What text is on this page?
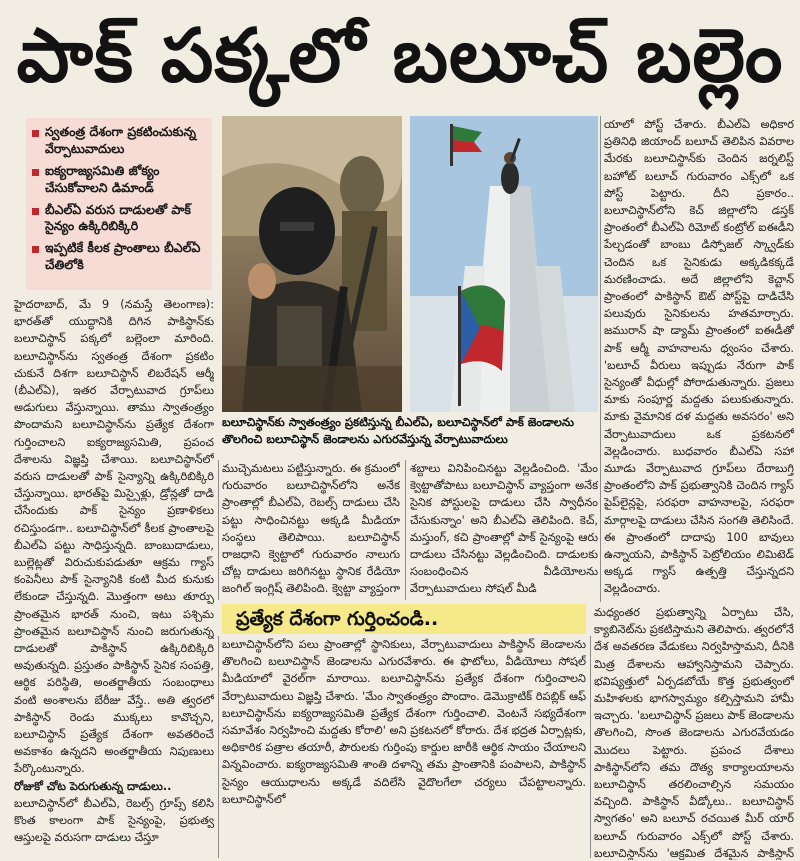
పాక్ పక్కలో బలూచ్ బల్లెం
స్వతంత్ర దేశంగా ప్రకటించుకున్న వేర్పాటువాదులు
ఐక్యరాజ్యసమితి జోక్యం చేసుకోవాలని డిమాండ్
బీఎల్ఏ వరుస దాడులతో పాక్ సైన్యం ఉక్కిరిబిక్కిరి
ఇప్పటికే కీలక ప్రాంతాలు బీఎల్ఏ చేతిలోకి
బలూచిస్థాన్‌కు స్వాతంత్ర్యం ప్రకటిస్తున్న బీఎల్ఏ, బలూచిస్థాన్‌లో పాక్ జెండాలను తొలగించి బలూచిస్థాన్ జెండాలను ఎగురవేస్తున్న వేర్పాటువాదులు

హైదరాబాద్, మే 9 (నమస్తే తెలంగాణ): భారత్‌తో యుద్ధానికి దిగిన పాకిస్థాన్‌కు బలూచిస్థాన్ పక్కలో బల్లెంలా మారింది. బలూచిస్థాన్‌ను స్వతంత్ర దేశంగా ప్రకటిం చుకునే దిశగా బలూచిస్థాన్ లిబరేషన్ ఆర్మీ (బీఎల్ఏ), ఇతర వేర్పాటువాద గ్రూప్‌లు అడుగులు వేస్తున్నాయి. తాము స్వాతంత్ర్యం పొందామని బలూచిస్థాన్‌ను ప్రత్యేక దేశంగా గుర్తించాలని ఐక్యరాజ్యసమితి, ప్రపంచ దేశాలను విజ్ఞప్తి చేశాయి. బలూచిస్థాన్‌లో వరుస దాడులతో పాక్ సైన్యాన్ని ఉక్కిరిబిక్కిరి చేస్తున్నాయి. భారత్‌పై మిస్సైళ్లు, డ్రోన్లతో దాడి చేసేందుకు పాక్ సైన్యం ప్రణాళికలు రచిస్తుండగా.. బలూచిస్థాన్‌లో కీలక ప్రాంతాలపై బీఎల్ఏ పట్టు సాధిస్తున్నది. బాంబుదాడులు, బుల్లెట్లతో విరుచుకుపడుతూ ఆక్రమ గ్యాస్ కంపెనీలు పాక్ సైన్యానికి కంటి మీద కునుకు లేకుండా చేస్తున్నది. మొత్తంగా అటు తూర్పు ప్రాంతమైన భారత్ నుంచి, ఇటు పశ్చిమ ప్రాంతమైన బలూచిస్థాన్ నుంచి జరుగుతున్న దాడులతో పాకిస్థాన్ ఉక్కిరిబిక్కిరి అవుతున్నది. ప్రస్తుతం పాకిస్థాన్ సైనిక సంపత్తి, ఆర్థిక పరిస్థితి, అంతర్జాతీయ సంబంధాలు వంటి అంశాలను బేరీజు వేస్తే.. అతి త్వరలో పాకిస్థాన్ రెండు ముక్కలు కావొచ్చని, బలూచిస్థాన్ ప్రత్యేక దేశంగా అవతరించే అవకాశం ఉన్నదని అంతర్జాతీయ నిపుణులు పేర్కొంటున్నారు.

రోజుకో చోట పెరుగుతున్న దాడులు..

బలూచిస్థాన్‌లో బీఎల్ఏ, రెబల్స్ గ్రూప్స్ కలిసి కొంత కాలంగా పాక్ సైన్యంపై, ప్రభుత్వ ఆస్తులపై వరుసగా దాడులు చేస్తూ

ముచ్చెమటలు పట్టిస్తున్నారు. ఈ క్రమంలో గురువారం బలూచిస్థాన్‌లోని అనేక ప్రాంతాల్లో బీఎల్ఏ, రెబల్స్ దాడులు చేసి పట్టు సాధించినట్టు అక్కడి మీడియా సంస్థలు తెలిపాయి. బలూచిస్థాన్ రాజధాని క్వెట్టాలో గురువారం నాలుగు చోట్ల దాడులు జరిగినట్టు స్థానిక రేడియో జంగిల్ ఇంగ్లిష్ తెలిపింది. క్వెట్టా వ్యాప్తంగా
శబ్దాలు వినిపించినట్టు వెల్లడించింది. 'మేం క్వెట్టాతోపాటు బలూచిస్థాన్ వ్యాప్తంగా అనేక సైనిక పోస్టులపై దాడులు చేసి స్వాధీనం చేసుకున్నాం' అని బీఎల్ఏ తెలిపింది. కెచ్, మస్తుంగ్, కచి ప్రాంతాల్లో పాక్ సైన్యంపై ఆరు దాడులు చేసినట్టు వెల్లడించింది. దాడులకు సంబంధించిన వీడియోలను వేర్పాటువాదులు సోషల్ మీడి
యాలో పోస్ట్ చేశారు. బీఎల్ఏ అధికార ప్రతినిధి జియాంద్ బలూచ్ తెలిపిన వివరాల మేరకు బలూచిస్థాన్‌కు చెందిన జర్నలిస్ట్ బహోట్ బలూచ్ గురువారం ఎక్స్‌లో ఒక పోస్ట్ పెట్టారు. దీని ప్రకారం.. బలూచిస్థాన్‌లోని కెచ్ జిల్లాలోని డస్తక్ ప్రాంతంలో బీఎల్ఏ రిమోట్ కంట్రోల్ ఐఈడీని పేల్చడంతో బాంబు డిస్పోజల్ స్క్వాడ్‌కు చెందిన ఒక సైనికుడు అక్కడికక్కడే మరణించాడు. అదే జిల్లాలోని కెచ్టాన్ ప్రాంతంలో పాకిస్థాన్ ఔట్ పోస్ట్‌పై దాడిచేసి పలువురు సైనికులను హతమార్చారు. జమురాన్ షా డ్యామ్ ప్రాంతంలో ఐఈడీతో పాక్ ఆర్మీ వాహనాలను ధ్వంసం చేశారు. 'బలూచ్ వీరులు ఇప్పుడు నేరుగా పాక్ సైన్యంతో వీధుల్లో పోరాడుతున్నారు. ప్రజలు మాకు సంపూర్ణ మద్దతు పలుకుతున్నారు. మాకు వైమానిక దళ మద్దతు అవసరం' అని వేర్పాటువాదులు ఒక ప్రకటనలో వెల్లడించారు. బుధవారం బీఎల్ఏ సహా మూడు వేర్పాటువాద గ్రూప్‌లు దేరాబుగ్తి ప్రాంతంలోని పాక్ ప్రభుత్వానికి చెందిన గ్యాస్ పైప్‌లైన్లపై, సరఫరా వాహనాలపై, సరఫరా మార్గాలపై దాడులు చేసిన సంగతి తెలిసిందే. ఈ ప్రాంతంలో దాదాపు 100 బావులు ఉన్నాయని, పాకిస్థాన్ పెట్రోలియం లిమిటెడ్ అక్కడ గ్యాస్ ఉత్పత్తి చేస్తున్నదని వెల్లడించారు.
ప్రత్యేక దేశంగా గుర్తించండి..
బలూచిస్థాన్‌లోని పలు ప్రాంతాల్లో స్థానికులు, వేర్పాటువాదులు పాకిస్థాన్ జెండాలను తొలగించి బలూచిస్థాన్ జెండాలను ఎగురవేశారు. ఈ ఫొటోలు, వీడియోలు సోషల్ మీడియాలో వైరల్‌గా మారాయి. బలూచిస్థాన్‌ను ప్రత్యేక దేశంగా గుర్తించాలని వేర్పాటువాదులు విజ్ఞప్తి చేశారు. 'మేం స్వాతంత్ర్యం పొందాం. డెమొక్రాటిక్ రిపబ్లిక్ ఆఫ్ బలూచిస్థాన్‌ను ఐక్యరాజ్యసమితి ప్రత్యేక దేశంగా గుర్తించాలి. వెంటనే సభ్యదేశంగా సమావేశం నిర్వహించి మద్దతు కోరాలి' అని ప్రకటనలో కోరారు. దేశ భద్రత ఏర్పాట్లకు, అధికారిక పత్రాల తయారీ, పౌరులకు గుర్తింపు కార్డుల జారీకి ఆర్థిక సాయం చేయాలని విన్నవించారు. ఐక్యరాజ్యసమితి శాంతి దళాన్ని తమ ప్రాంతానికి పంపాలని, పాకిస్థాన్ సైన్యం ఆయుధాలను అక్కడే వదిలేసి వైదొలగేలా చర్యలు చేపట్టాలన్నారు. బలూచిస్థాన్‌లో
మధ్యంతర ప్రభుత్వాన్ని ఏర్పాటు చేసి, క్యాబినెట్‌ను ప్రకటిస్తామని తెలిపారు. త్వరలోనే దేశ అవతరణ వేడుకలు నిర్వహిస్తామని, దీనికి మిత్ర దేశాలను ఆహ్వానిస్తామని చెప్పారు. భవిష్యత్తులో ఏర్పడబోయే కొత్త ప్రభుత్వంలో మహిళలకు భాగస్వామ్యం కల్పిస్తామని హామీ ఇచ్చారు. 'బలూచిస్థాన్ ప్రజలు పాక్ జెండాలను తొలగించి, సొంత జెండాలను ఎగురవేయడం మొదలు పెట్టారు. ప్రపంచ దేశాలు పాకిస్థాన్‌లోని తమ దౌత్య కార్యాలయాలను బలూచిస్థాన్ తరలించాల్సిన సమయం వచ్చింది. పాకిస్థాన్ వీడ్కోలు.. బలూచిస్థాన్ స్వాగతం' అని బలూచ్ రచయిత మీర్ యార్ బలూచ్ గురువారం ఎక్స్‌లో పోస్ట్ చేశారు. బలూచిస్థాన్‌ను 'ఆక్రమిత దేశమైన పాకిస్థాన్
